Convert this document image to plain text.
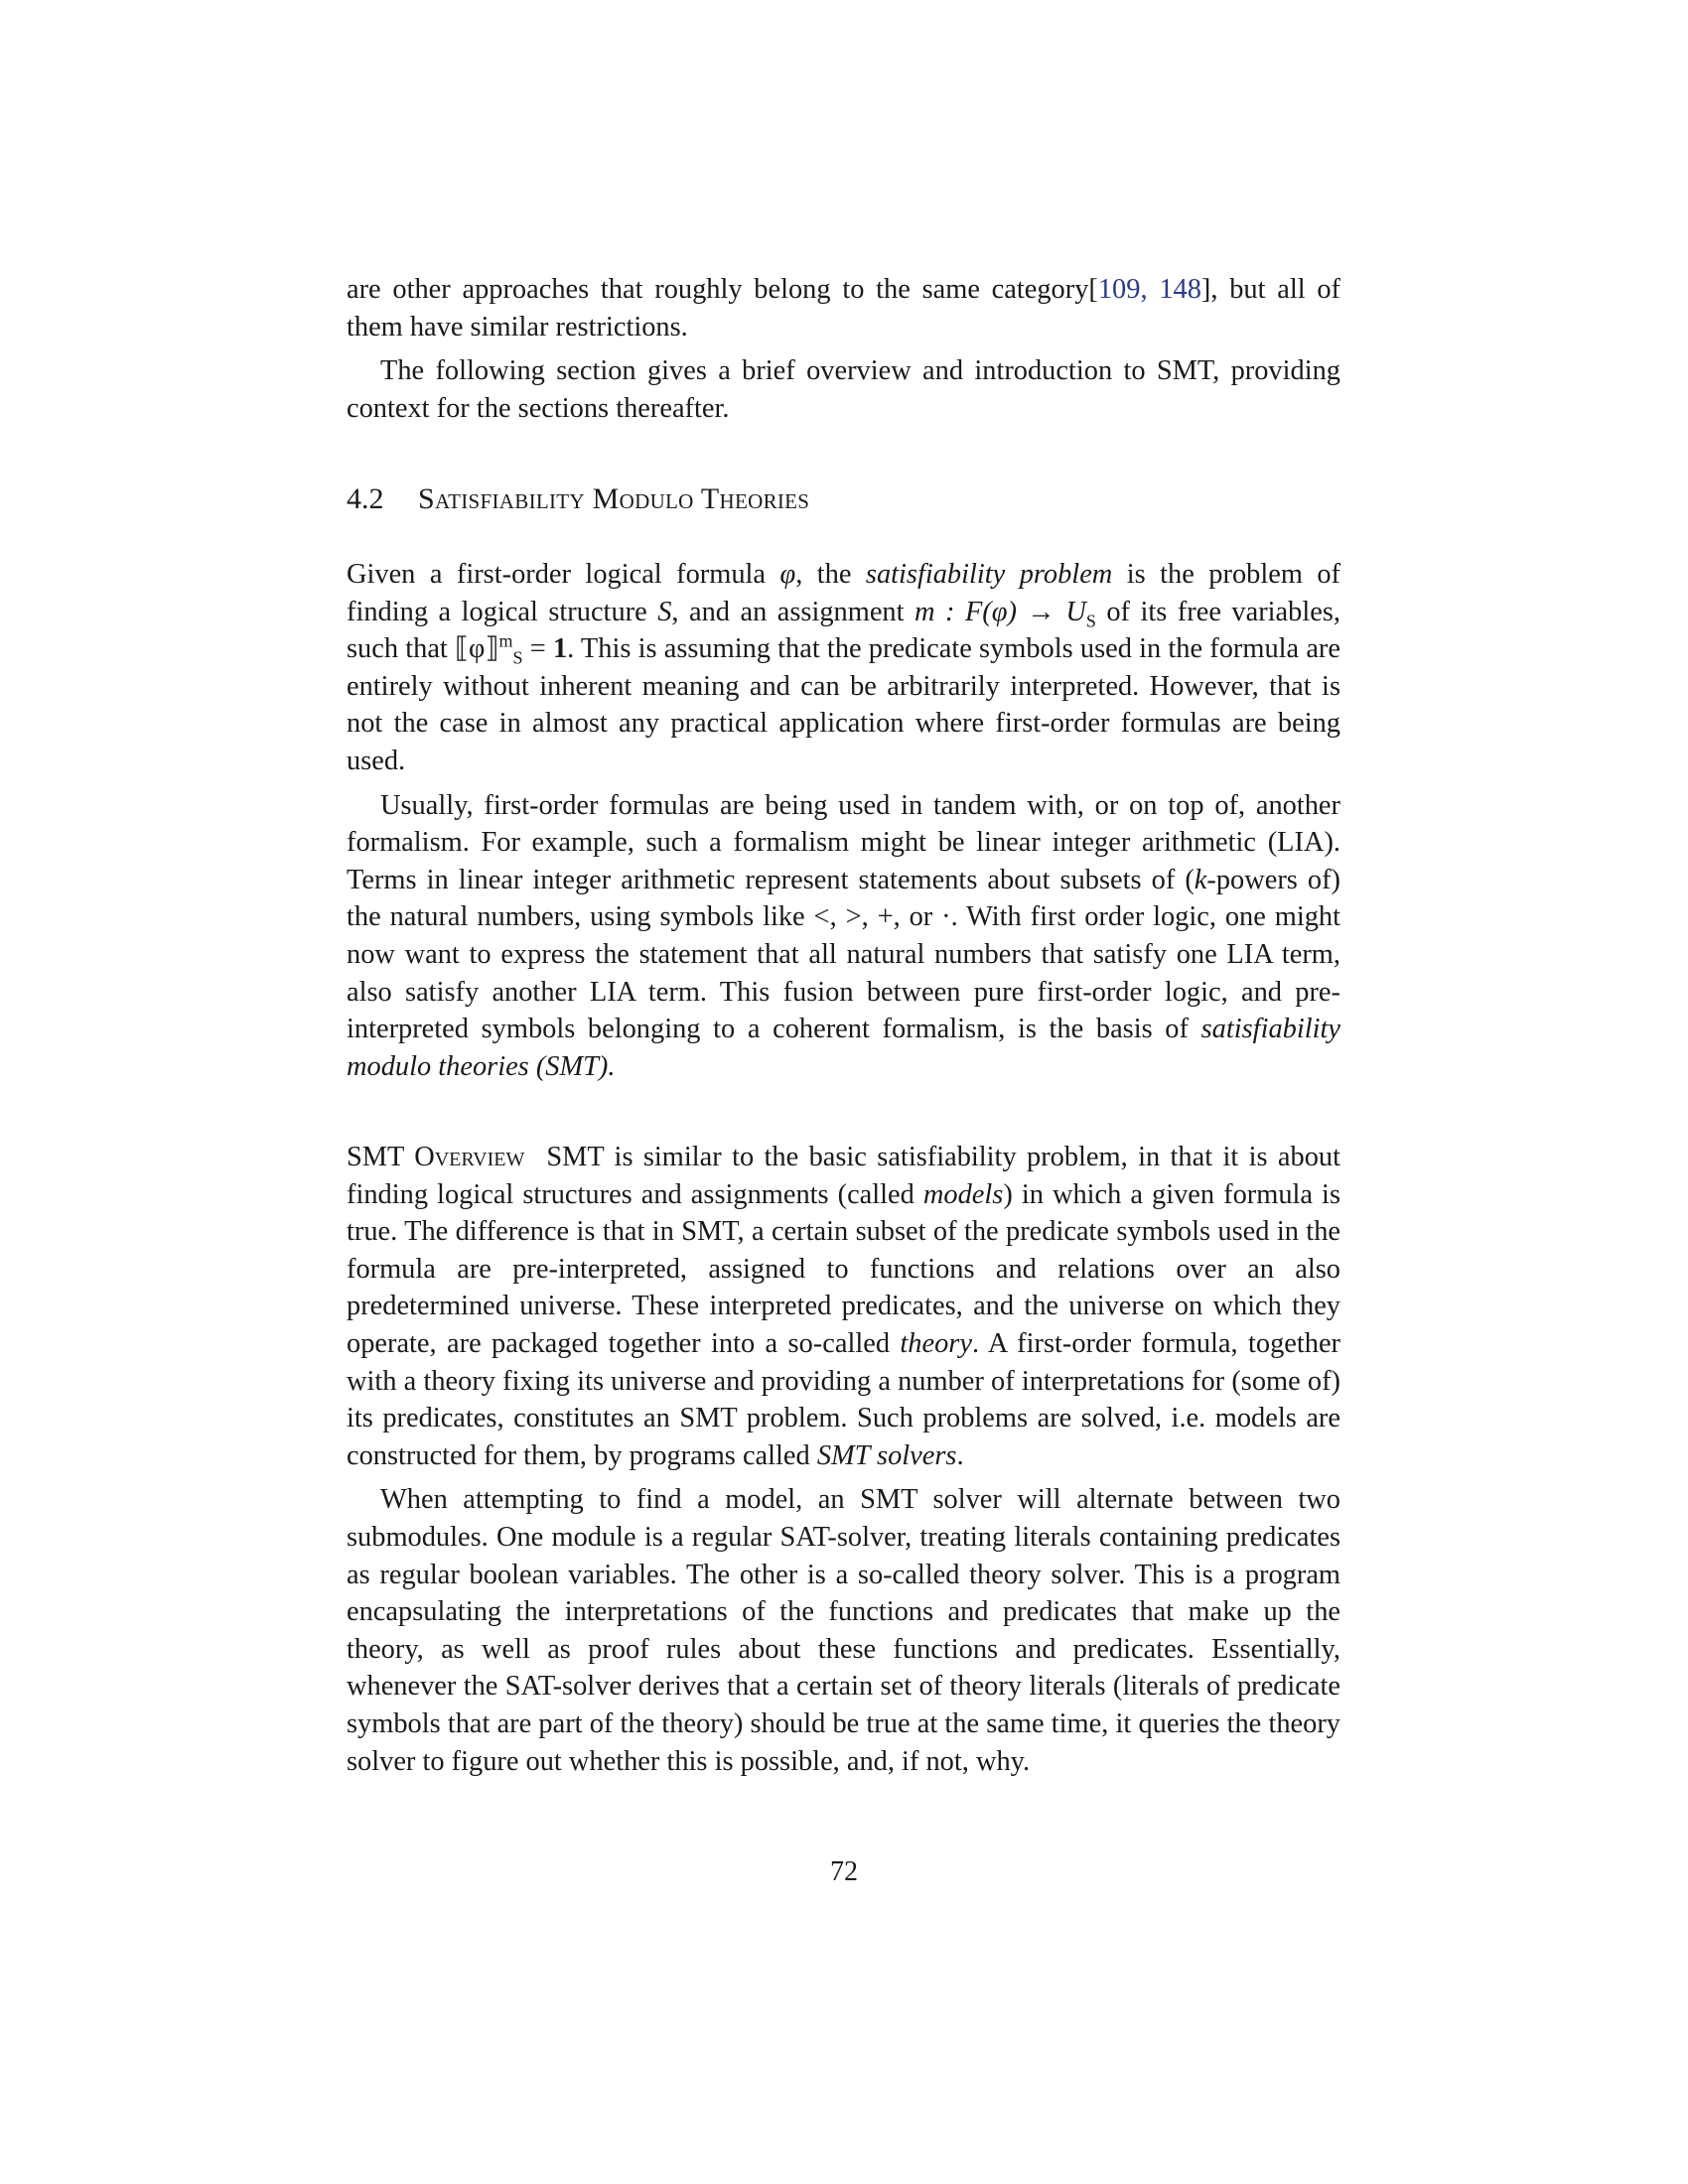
are other approaches that roughly belong to the same category[109, 148], but all of them have similar restrictions.

The following section gives a brief overview and introduction to SMT, providing context for the sections thereafter.

4.2 Satisfiability Modulo Theories

Given a first-order logical formula φ, the satisfiability problem is the problem of finding a logical structure S, and an assignment m : $F(\varphi) \to U_S$ of its free variables, such that ⟦φ⟧$^m_S$ = 1. This is assuming that the predicate symbols used in the formula are entirely without inherent meaning and can be arbitrarily interpreted. However, that is not the case in almost any practical application where first-order formulas are being used.

Usually, first-order formulas are being used in tandem with, or on top of, another formalism. For example, such a formalism might be linear integer arithmetic (LIA). Terms in linear integer arithmetic represent statements about subsets of (k-powers of) the natural numbers, using symbols like <, >, +, or ·. With first order logic, one might now want to express the statement that all natural numbers that satisfy one LIA term, also satisfy another LIA term. This fusion between pure first-order logic, and pre-interpreted symbols belonging to a coherent formalism, is the basis of satisfiability modulo theories (SMT).

SMT Overview SMT is similar to the basic satisfiability problem, in that it is about finding logical structures and assignments (called models) in which a given formula is true. The difference is that in SMT, a certain subset of the predicate symbols used in the formula are pre-interpreted, assigned to functions and relations over an also predetermined universe. These interpreted predicates, and the universe on which they operate, are packaged together into a so-called theory. A first-order formula, together with a theory fixing its universe and providing a number of interpretations for (some of) its predicates, constitutes an SMT problem. Such problems are solved, i.e. models are constructed for them, by programs called SMT solvers.

When attempting to find a model, an SMT solver will alternate between two submodules. One module is a regular SAT-solver, treating literals containing predicates as regular boolean variables. The other is a so-called theory solver. This is a program encapsulating the interpretations of the functions and predicates that make up the theory, as well as proof rules about these functions and predicates. Essentially, whenever the SAT-solver derives that a certain set of theory literals (literals of predicate symbols that are part of the theory) should be true at the same time, it queries the theory solver to figure out whether this is possible, and, if not, why.

72
